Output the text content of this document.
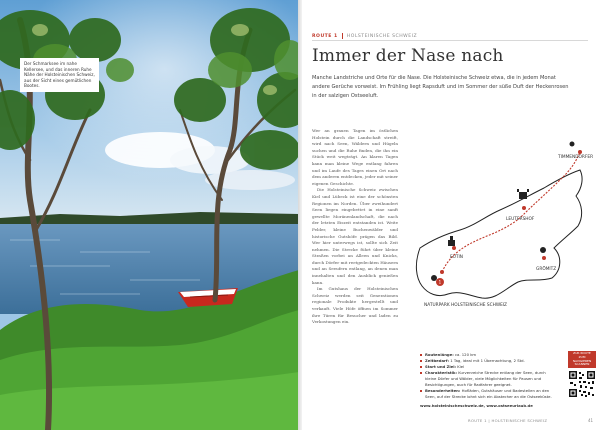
Der Schmarksee im nahe Kellersee, und das inneren Ruhe Nähe der Holsteinischen Schweiz, aus der Sicht eines gemütlichen Bootes.
ROUTE 1 HOLSTEINISCHE SCHWEIZ
Immer der Nase nach
Manche Landstriche und Orte für die Nase. Die Holsteinische Schweiz etwa, die in jedem Monat andere Gerüche vorweist. Im Frühling liegt Rapsduft und im Sommer der süße Duft der Heckenrosen in der salzigen Ostseeluft.

Wer an grauen Tagen im östlichen Holstein durch die Landschaft streift, wird nach Seen, Wäldern und Hügeln suchen und die Ruhe finden, die ihn ein Stück weit wegträgt. An klaren Tagen kann man kleine Wege entlang fahren und im Laufe des Tages einen Ort nach dem anderen entdecken, jeder mit seiner eigenen Geschichte.

Die Holsteinische Schweiz zwischen Kiel und Lübeck ist eine der schönsten Regionen im Norden. Über zweihundert Seen liegen eingebettet in eine sanft gewellte Moränenlandschaft, die nach der letzten Eiszeit entstanden ist. Weite Felder, kleine Buchenwälder und historische Gutshöfe prägen das Bild. Wer hier unterwegs ist, sollte sich Zeit nehmen. Die Strecke führt über kleine Straßen vorbei an Alleen und Knicks, durch Dörfer mit reetgedeckten Häusern und an Seeufern entlang, an denen man innehalten und den Ausblick genießen kann.

Im Gutshaus der Holsteinischen Schweiz werden seit Generationen regionale Produkte hergestellt und verkauft. Viele Höfe öffnen im Sommer ihre Türen für Besucher und laden zu Verkostungen ein.

1
TIMMENDORFER
LEUTERSHOF
EUTIN
GRÖMITZ
NATURPARK HOLSTEINISCHE SCHWEIZ
Routenlänge: ca. 120 km
Zeitbedarf: 1 Tag, ideal mit 1 Übernachtung, 2 Std.
Start und Ziel: Kiel
Charakteristik: Kurvenreiche Strecke entlang der Seen, durch kleine Dörfer und Wälder, viele Möglichkeiten für Pausen und Besichtigungen, auch für Radfahrer geeignet.
Besonderheiten: Hofläden, Gutshäuser und Badestellen an den Seen, auf der Strecke lohnt sich ein Abstecher an die Ostseeküste.
www.holsteinischeschweiz.de, www.ostseeurlaub.de
ZUR ROUTE ZUM NAVIGIEREN SCANNEN
ROUTE 1 | HOLSTEINISCHE SCHWEIZ	41
